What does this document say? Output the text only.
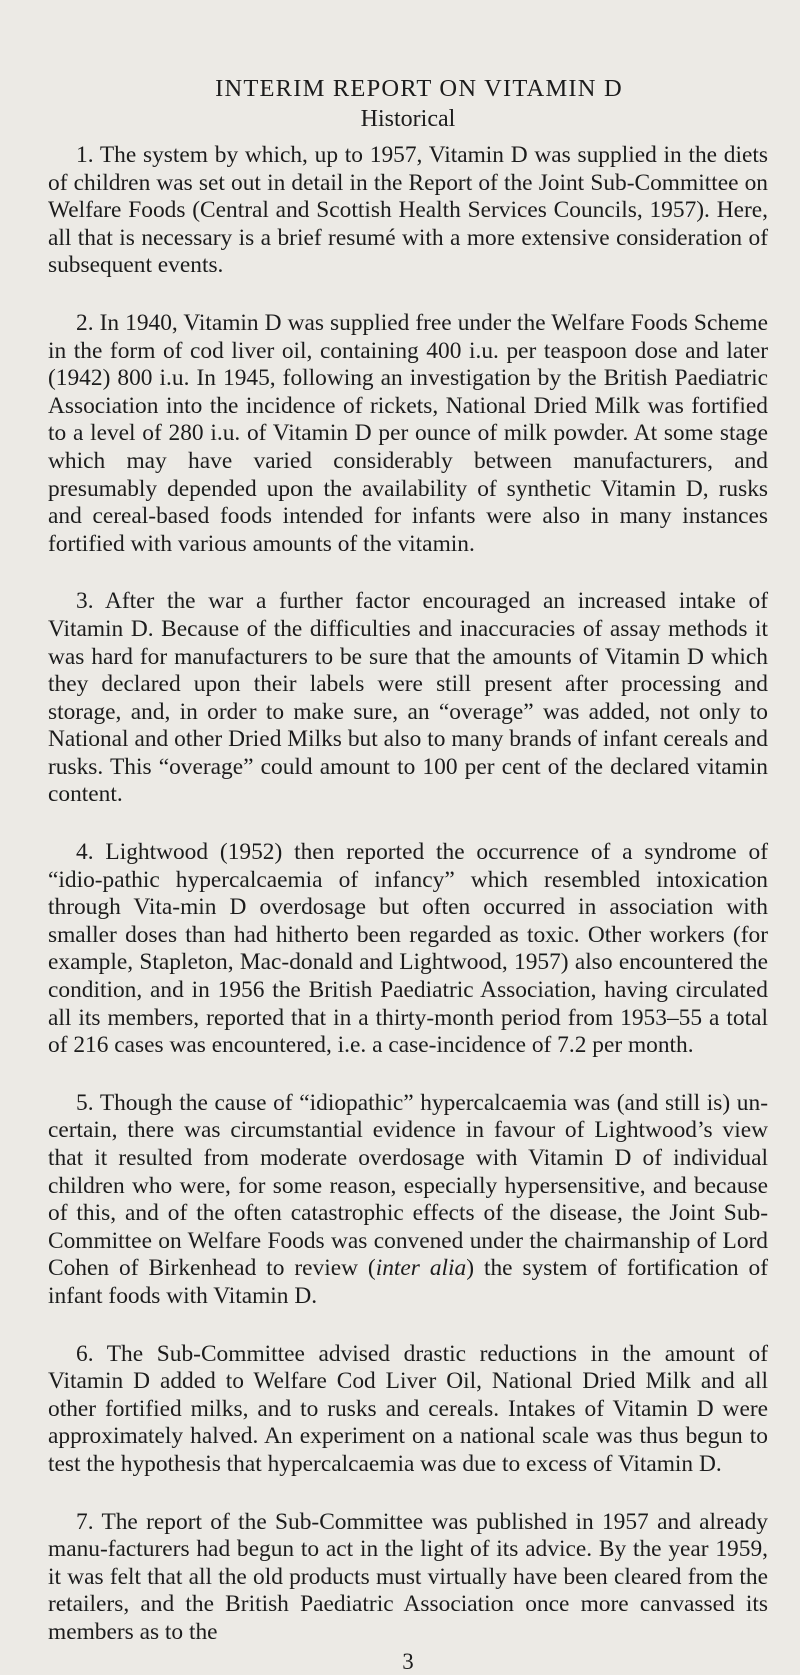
INTERIM REPORT ON VITAMIN D
Historical

1. The system by which, up to 1957, Vitamin D was supplied in the diets of children was set out in detail in the Report of the Joint Sub-Committee on Welfare Foods (Central and Scottish Health Services Councils, 1957). Here, all that is necessary is a brief resumé with a more extensive consideration of subsequent events.

2. In 1940, Vitamin D was supplied free under the Welfare Foods Scheme in the form of cod liver oil, containing 400 i.u. per teaspoon dose and later (1942) 800 i.u. In 1945, following an investigation by the British Paediatric Association into the incidence of rickets, National Dried Milk was fortified to a level of 280 i.u. of Vitamin D per ounce of milk powder. At some stage which may have varied considerably between manufacturers, and presumably depended upon the availability of synthetic Vitamin D, rusks and cereal-based foods intended for infants were also in many instances fortified with various amounts of the vitamin.

3. After the war a further factor encouraged an increased intake of Vitamin D. Because of the difficulties and inaccuracies of assay methods it was hard for manufacturers to be sure that the amounts of Vitamin D which they declared upon their labels were still present after processing and storage, and, in order to make sure, an “overage” was added, not only to National and other Dried Milks but also to many brands of infant cereals and rusks. This “overage” could amount to 100 per cent of the declared vitamin content.

4. Lightwood (1952) then reported the occurrence of a syndrome of “idio-pathic hypercalcaemia of infancy” which resembled intoxication through Vita-min D overdosage but often occurred in association with smaller doses than had hitherto been regarded as toxic. Other workers (for example, Stapleton, Mac-donald and Lightwood, 1957) also encountered the condition, and in 1956 the British Paediatric Association, having circulated all its members, reported that in a thirty-month period from 1953–55 a total of 216 cases was encountered, i.e. a case-incidence of 7.2 per month.

5. Though the cause of “idiopathic” hypercalcaemia was (and still is) un-certain, there was circumstantial evidence in favour of Lightwood’s view that it resulted from moderate overdosage with Vitamin D of individual children who were, for some reason, especially hypersensitive, and because of this, and of the often catastrophic effects of the disease, the Joint Sub-Committee on Welfare Foods was convened under the chairmanship of Lord Cohen of Birkenhead to review (inter alia) the system of fortification of infant foods with Vitamin D.

6. The Sub-Committee advised drastic reductions in the amount of Vitamin D added to Welfare Cod Liver Oil, National Dried Milk and all other fortified milks, and to rusks and cereals. Intakes of Vitamin D were approximately halved. An experiment on a national scale was thus begun to test the hypothesis that hypercalcaemia was due to excess of Vitamin D.

7. The report of the Sub-Committee was published in 1957 and already manu-facturers had begun to act in the light of its advice. By the year 1959, it was felt that all the old products must virtually have been cleared from the retailers, and the British Paediatric Association once more canvassed its members as to the

3
